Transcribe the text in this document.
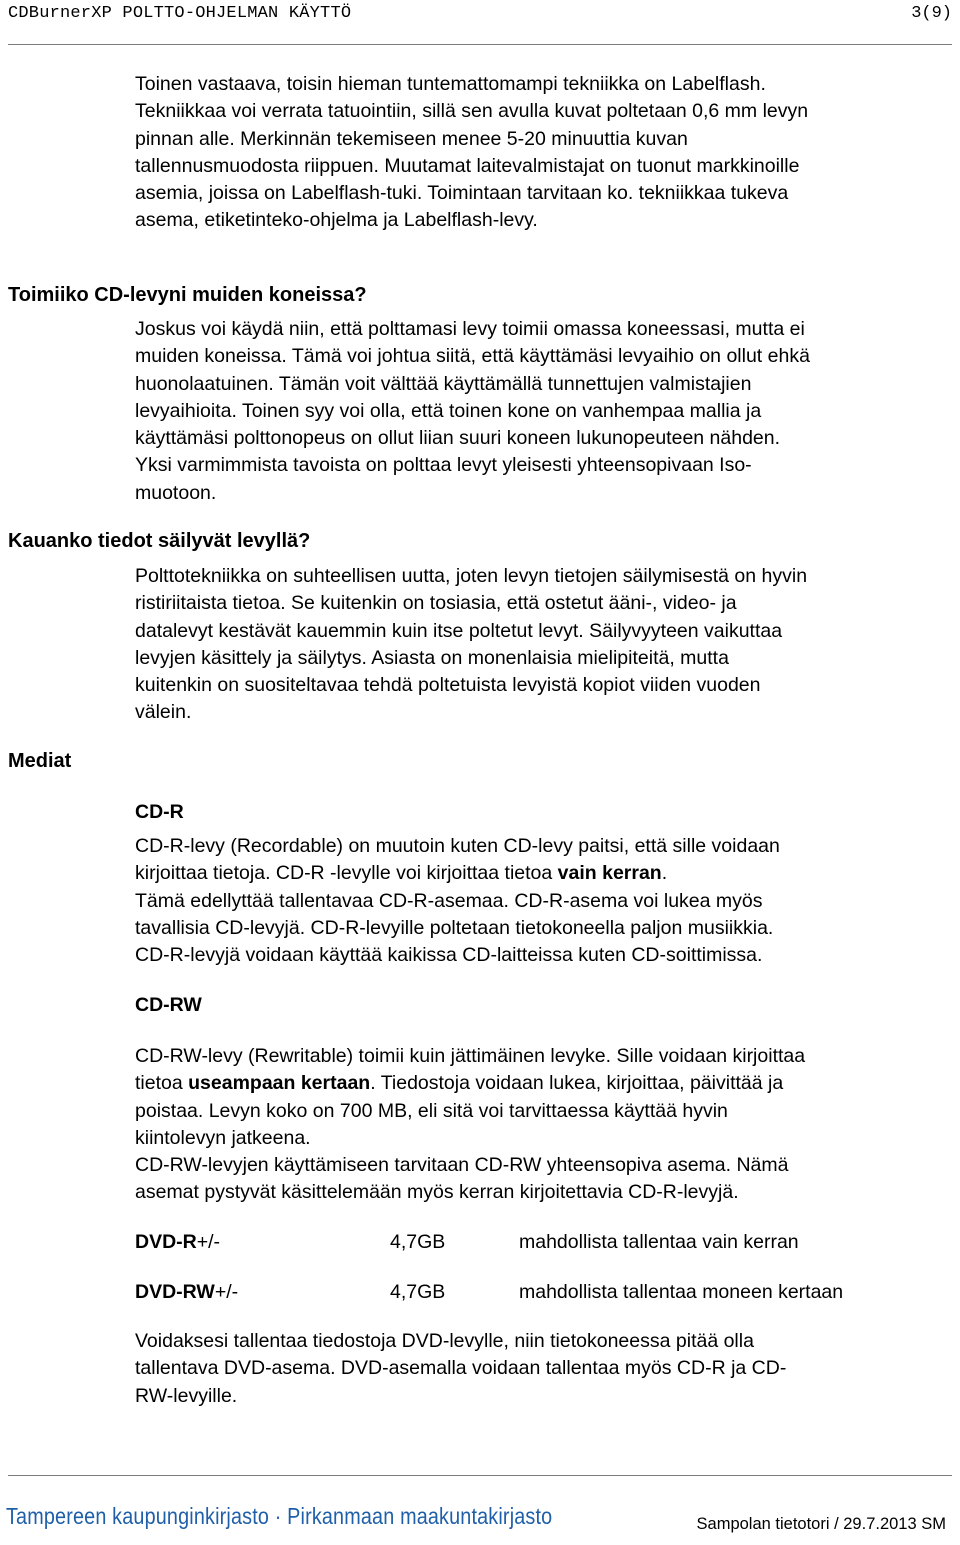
CDBurnerXP POLTTO-OHJELMAN KÄYTTÖ	3(9)
Toinen vastaava, toisin hieman tuntemattomampi tekniikka on Labelflash.
Tekniikkaa voi verrata tatuointiin, sillä sen avulla kuvat poltetaan 0,6 mm levyn
pinnan alle. Merkinnän tekemiseen menee 5-20 minuuttia kuvan
tallennusmuodosta riippuen. Muutamat laitevalmistajat on tuonut markkinoille
asemia, joissa on Labelflash-tuki. Toimintaan tarvitaan ko. tekniikkaa tukeva
asema, etiketinteko-ohjelma ja Labelflash-levy.
Toimiiko CD-levyni muiden koneissa?
Joskus voi käydä niin, että polttamasi levy toimii omassa koneessasi, mutta ei
muiden koneissa. Tämä voi johtua siitä, että käyttämäsi levyaihio on ollut ehkä
huonolaatuinen. Tämän voit välttää käyttämällä tunnettujen valmistajien
levyaihioita. Toinen syy voi olla, että toinen kone on vanhempaa mallia ja
käyttämäsi polttonopeus on ollut liian suuri koneen lukunopeuteen nähden.
Yksi varmimmista tavoista on polttaa levyt yleisesti yhteensopivaan Iso-
muotoon.
Kauanko tiedot säilyvät levyllä?
Polttotekniikka on suhteellisen uutta, joten levyn tietojen säilymisestä on hyvin
ristiriitaista tietoa. Se kuitenkin on tosiasia, että ostetut ääni-, video- ja
datalevyt kestävät kauemmin kuin itse poltetut levyt. Säilyvyyteen vaikuttaa
levyjen käsittely ja säilytys. Asiasta on monenlaisia mielipiteitä, mutta
kuitenkin on suositeltavaa tehdä poltetuista levyistä kopiot viiden vuoden
välein.
Mediat
CD-R
CD-R-levy (Recordable) on muutoin kuten CD-levy paitsi, että sille voidaan
kirjoittaa tietoja. CD-R -levylle voi kirjoittaa tietoa vain kerran.
Tämä edellyttää tallentavaa CD-R-asemaa. CD-R-asema voi lukea myös
tavallisia CD-levyjä. CD-R-levyille poltetaan tietokoneella paljon musiikkia.
CD-R-levyjä voidaan käyttää kaikissa CD-laitteissa kuten CD-soittimissa.
CD-RW
CD-RW-levy (Rewritable) toimii kuin jättimäinen levyke. Sille voidaan kirjoittaa
tietoa useampaan kertaan. Tiedostoja voidaan lukea, kirjoittaa, päivittää ja
poistaa. Levyn koko on 700 MB, eli sitä voi tarvittaessa käyttää hyvin
kiintolevyn jatkeena.
CD-RW-levyjen käyttämiseen tarvitaan CD-RW yhteensopiva asema. Nämä
asemat pystyvät käsittelemään myös kerran kirjoitettavia CD-R-levyjä.
DVD-R+/-	4,7GB	mahdollista tallentaa vain kerran
DVD-RW+/-	4,7GB	mahdollista tallentaa moneen kertaan
Voidaksesi tallentaa tiedostoja DVD-levylle, niin tietokoneessa pitää olla
tallentava DVD-asema. DVD-asemalla voidaan tallentaa myös CD-R ja CD-
RW-levyille.
Tampereen kaupunginkirjasto · Pirkanmaan maakuntakirjasto	Sampolan tietotori / 29.7.2013 SM
